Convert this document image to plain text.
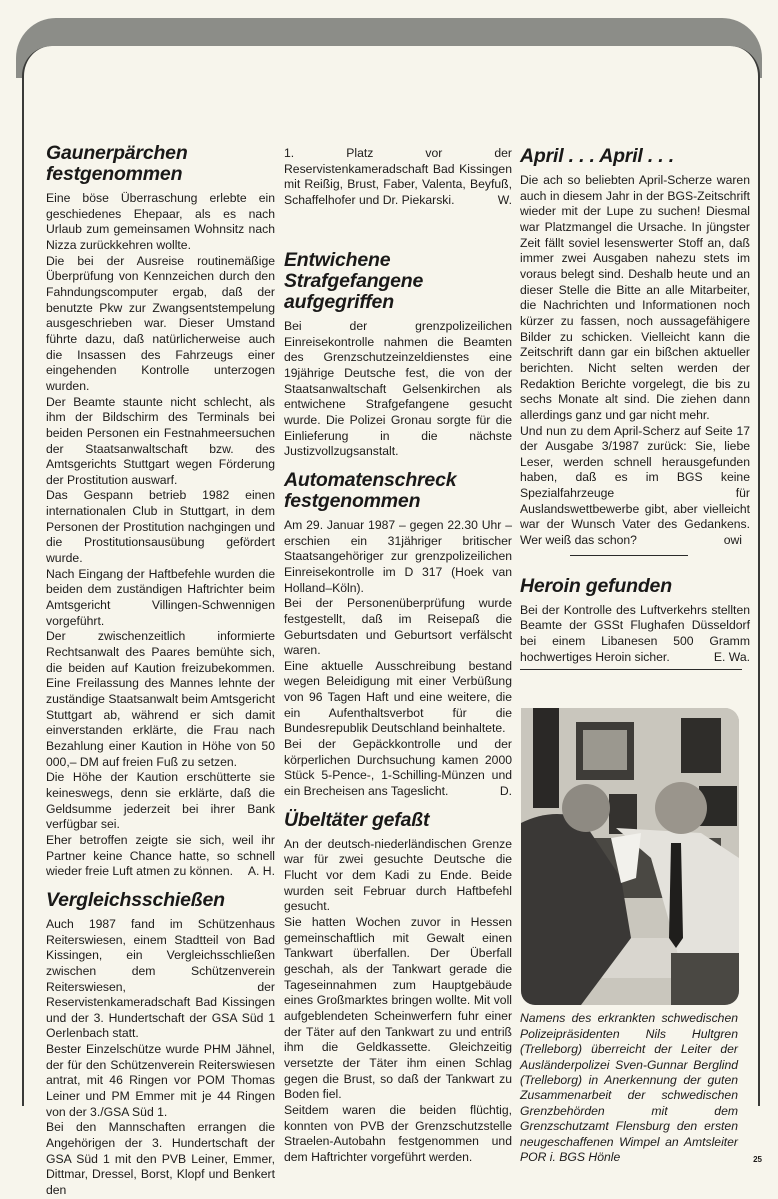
Gaunerpärchen festgenommen

Eine böse Überraschung erlebte ein geschiedenes Ehepaar, als es nach Urlaub zum gemeinsamen Wohnsitz nach Nizza zurückkehren wollte.

Die bei der Ausreise routinemäßige Überprüfung von Kennzeichen durch den Fahndungscomputer ergab, daß der benutzte Pkw zur Zwangsentstempelung ausgeschrieben war. Dieser Umstand führte dazu, daß natürlicherweise auch die Insassen des Fahrzeugs einer eingehenden Kontrolle unterzogen wurden.

Der Beamte staunte nicht schlecht, als ihm der Bildschirm des Terminals bei beiden Personen ein Festnahmeersuchen der Staatsanwaltschaft bzw. des Amtsgerichts Stuttgart wegen Förderung der Prostitution auswarf.

Das Gespann betrieb 1982 einen internationalen Club in Stuttgart, in dem Personen der Prostitution nachgingen und die Prostitutionsausübung gefördert wurde.

Nach Eingang der Haftbefehle wurden die beiden dem zuständigen Haftrichter beim Amtsgericht Villingen-Schwennigen vorgeführt.

Der zwischenzeitlich informierte Rechtsanwalt des Paares bemühte sich, die beiden auf Kaution freizubekommen. Eine Freilassung des Mannes lehnte der zuständige Staatsanwalt beim Amtsgericht Stuttgart ab, während er sich damit einverstanden erklärte, die Frau nach Bezahlung einer Kaution in Höhe von 50 000,– DM auf freien Fuß zu setzen.

Die Höhe der Kaution erschütterte sie keineswegs, denn sie erklärte, daß die Geldsumme jederzeit bei ihrer Bank verfügbar sei.

Eher betroffen zeigte sie sich, weil ihr Partner keine Chance hatte, so schnell wieder freie Luft atmen zu können. A. H.

Vergleichsschießen

Auch 1987 fand im Schützenhaus Reiterswiesen, einem Stadtteil von Bad Kissingen, ein Vergleichsschließen zwischen dem Schützenverein Reiterswiesen, der Reservistenkameradschaft Bad Kissingen und der 3. Hundertschaft der GSA Süd 1 Oerlenbach statt.

Bester Einzelschütze wurde PHM Jähnel, der für den Schützenverein Reiterswiesen antrat, mit 46 Ringen vor POM Thomas Leiner und PM Emmer mit je 44 Ringen von der 3./GSA Süd 1.

Bei den Mannschaften errangen die Angehörigen der 3. Hundertschaft der GSA Süd 1 mit den PVB Leiner, Emmer, Dittmar, Dressel, Borst, Klopf und Benkert den

1. Platz vor der Reservistenkameradschaft Bad Kissingen mit Reißig, Brust, Faber, Valenta, Beyfuß, Schaffelhofer und Dr. Piekarski.	W.

Entwichene Strafgefangene aufgegriffen

Bei der grenzpolizeilichen Einreisekontrolle nahmen die Beamten des Grenzschutzeinzeldienstes eine 19jährige Deutsche fest, die von der Staatsanwaltschaft Gelsenkirchen als entwichene Strafgefangene gesucht wurde. Die Polizei Gronau sorgte für die Einlieferung in die nächste Justizvollzugsanstalt.

Automatenschreck festgenommen

Am 29. Januar 1987 – gegen 22.30 Uhr – erschien ein 31jähriger britischer Staatsangehöriger zur grenzpolizeilichen Einreisekontrolle im D 317 (Hoek van Holland–Köln).

Bei der Personenüberprüfung wurde festgestellt, daß im Reisepaß die Geburtsdaten und Geburtsort verfälscht waren.

Eine aktuelle Ausschreibung bestand wegen Beleidigung mit einer Verbüßung von 96 Tagen Haft und eine weitere, die ein Aufenthaltsverbot für die Bundesrepublik Deutschland beinhaltete.

Bei der Gepäckkontrolle und der körperlichen Durchsuchung kamen 2000 Stück 5-Pence-, 1-Schilling-Münzen und ein Brecheisen ans Tageslicht.	D.

Übeltäter gefaßt

An der deutsch-niederländischen Grenze war für zwei gesuchte Deutsche die Flucht vor dem Kadi zu Ende. Beide wurden seit Februar durch Haftbefehl gesucht.

Sie hatten Wochen zuvor in Hessen gemeinschaftlich mit Gewalt einen Tankwart überfallen. Der Überfall geschah, als der Tankwart gerade die Tageseinnahmen zum Hauptgebäude eines Großmarktes bringen wollte. Mit voll aufgeblendeten Scheinwerfern fuhr einer der Täter auf den Tankwart zu und entriß ihm die Geldkassette. Gleichzeitig versetzte der Täter ihm einen Schlag gegen die Brust, so daß der Tankwart zu Boden fiel.

Seitdem waren die beiden flüchtig, konnten von PVB der Grenzschutzstelle Straelen-Autobahn festgenommen und dem Haftrichter vorgeführt werden.

April . . . April . . .

Die ach so beliebten April-Scherze waren auch in diesem Jahr in der BGS-Zeitschrift wieder mit der Lupe zu suchen! Diesmal war Platzmangel die Ursache. In jüngster Zeit fällt soviel lesenswerter Stoff an, daß immer zwei Ausgaben nahezu stets im voraus belegt sind. Deshalb heute und an dieser Stelle die Bitte an alle Mitarbeiter, die Nachrichten und Informationen noch kürzer zu fassen, noch aussagefähigere Bilder zu schicken. Vielleicht kann die Zeitschrift dann gar ein bißchen aktueller berichten. Nicht selten werden der Redaktion Berichte vorgelegt, die bis zu sechs Monate alt sind. Die ziehen dann allerdings ganz und gar nicht mehr.

Und nun zu dem April-Scherz auf Seite 17 der Ausgabe 3/1987 zurück: Sie, liebe Leser, werden schnell herausgefunden haben, daß es im BGS keine Spezialfahrzeuge für Auslandswettbewerbe gibt, aber vielleicht war der Wunsch Vater des Gedankens. Wer weiß das schon?	owi

Heroin gefunden

Bei der Kontrolle des Luftverkehrs stellten Beamte der GSSt Flughafen Düsseldorf bei einem Libanesen 500 Gramm hochwertiges Heroin sicher.	E. Wa.

Namens des erkrankten schwedischen Polizeipräsidenten Nils Hultgren (Trelleborg) überreicht der Leiter der Ausländerpolizei Sven-Gunnar Berglind (Trelleborg) in Anerkennung der guten Zusammenarbeit der schwedischen Grenzbehörden mit dem Grenzschutzamt Flensburg den ersten neugeschaffenen Wimpel an Amtsleiter POR i. BGS Hönle	25
